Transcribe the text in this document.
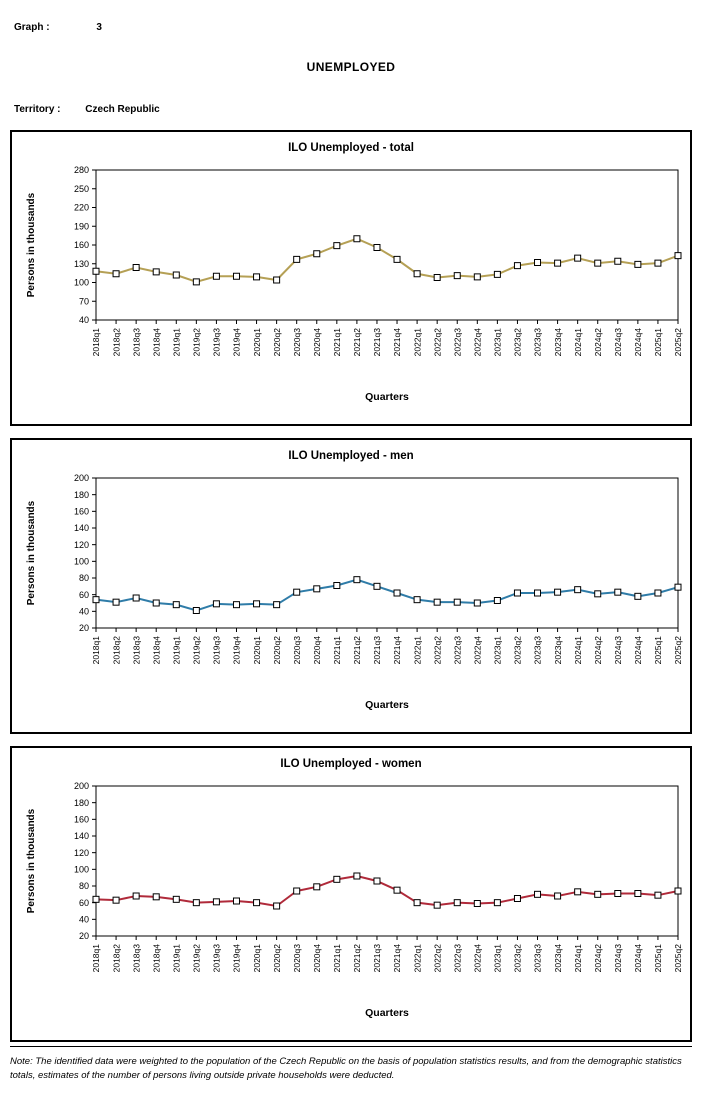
Graph :	3
UNEMPLOYED
Territory : Czech Republic
ILO Unemployed - total
40
70
100
130
160
190
220
250
280
Persons in thousands
2018q1 2018q2 2018q3 2018q4 2019q1 2019q2 2019q3 2019q4 2020q1 2020q2 2020q3 2020q4 2021q1 2021q2 2021q3 2021q4 2022q1 2022q2 2022q3 2022q4 2023q1 2023q2 2023q3 2023q4 2024q1 2024q2 2024q3 2024q4 2025q1 2025q2
Quarters
ILO Unemployed - men
20
40
60
80
100
120
140
160
180
200
Persons in thousands
2018q1 2018q2 2018q3 2018q4 2019q1 2019q2 2019q3 2019q4 2020q1 2020q2 2020q3 2020q4 2021q1 2021q2 2021q3 2021q4 2022q1 2022q2 2022q3 2022q4 2023q1 2023q2 2023q3 2023q4 2024q1 2024q2 2024q3 2024q4 2025q1 2025q2
Quarters
ILO Unemployed - women
20
40
60
80
100
120
140
160
180
200
Persons in thousands
2018q1 2018q2 2018q3 2018q4 2019q1 2019q2 2019q3 2019q4 2020q1 2020q2 2020q3 2020q4 2021q1 2021q2 2021q3 2021q4 2022q1 2022q2 2022q3 2022q4 2023q1 2023q2 2023q3 2023q4 2024q1 2024q2 2024q3 2024q4 2025q1 2025q2
Quarters
Note: The identified data were weighted to the population of the Czech Republic on the basis of population statistics results, and from the demographic statistics totals, estimates of the number of persons living outside private households were deducted.
